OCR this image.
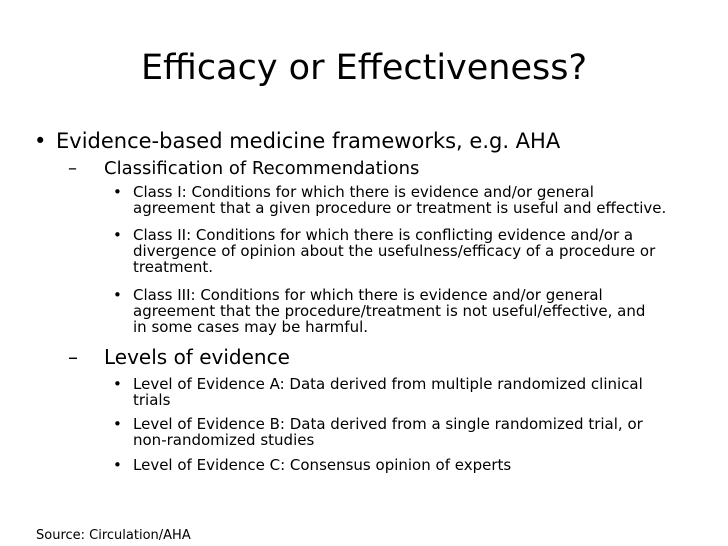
Efficacy or Effectiveness?
• Evidence-based medicine frameworks, e.g. AHA
–	Classification of Recommendations
• Class I: Conditions for which there is evidence and/or general
agreement that a given procedure or treatment is useful and effective.
• Class II: Conditions for which there is conflicting evidence and/or a
divergence of opinion about the usefulness/efficacy of a procedure or
treatment.
• Class III: Conditions for which there is evidence and/or general
agreement that the procedure/treatment is not useful/effective, and
in some cases may be harmful.
–	Levels of evidence
• Level of Evidence A: Data derived from multiple randomized clinical
trials
• Level of Evidence B: Data derived from a single randomized trial, or
non-randomized studies
• Level of Evidence C: Consensus opinion of experts
Source: Circulation/AHA
